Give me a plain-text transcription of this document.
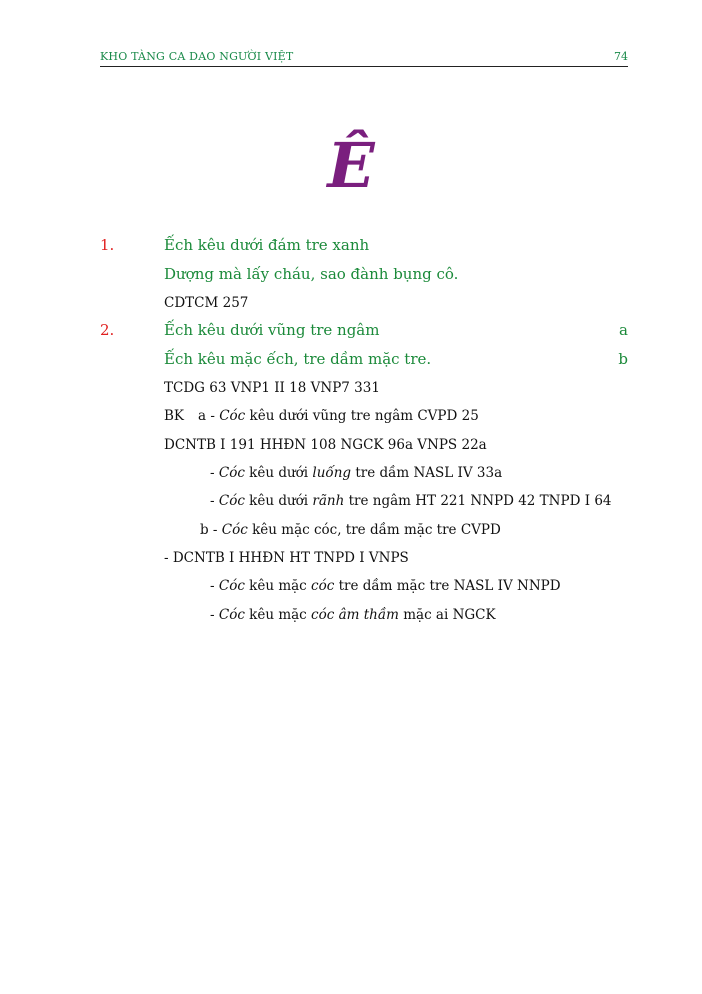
KHO TÀNG CA DAO NGƯỜI VIỆT	74
Ê
1.	Ếch kêu dưới đám tre xanh
Dượng mà lấy cháu, sao đành bụng cô.
CDTCM 257
2.	Ếch kêu dưới vũng tre ngâm	a
Ếch kêu mặc ếch, tre dầm mặc tre.	b
TCDG 63 VNP1 II 18 VNP7 331
BK a - Cóc kêu dưới vũng tre ngâm CVPD 25
DCNTB I 191 HHĐN 108 NGCK 96a VNPS 22a
- Cóc kêu dưới luống tre dầm NASL IV 33a
- Cóc kêu dưới rãnh tre ngâm HT 221 NNPD 42 TNPD I 64
b - Cóc kêu mặc cóc, tre dầm mặc tre CVPD
- DCNTB I HHĐN HT TNPD I VNPS
- Cóc kêu mặc cóc tre dầm mặc tre NASL IV NNPD
- Cóc kêu mặc cóc âm thầm mặc ai NGCK
